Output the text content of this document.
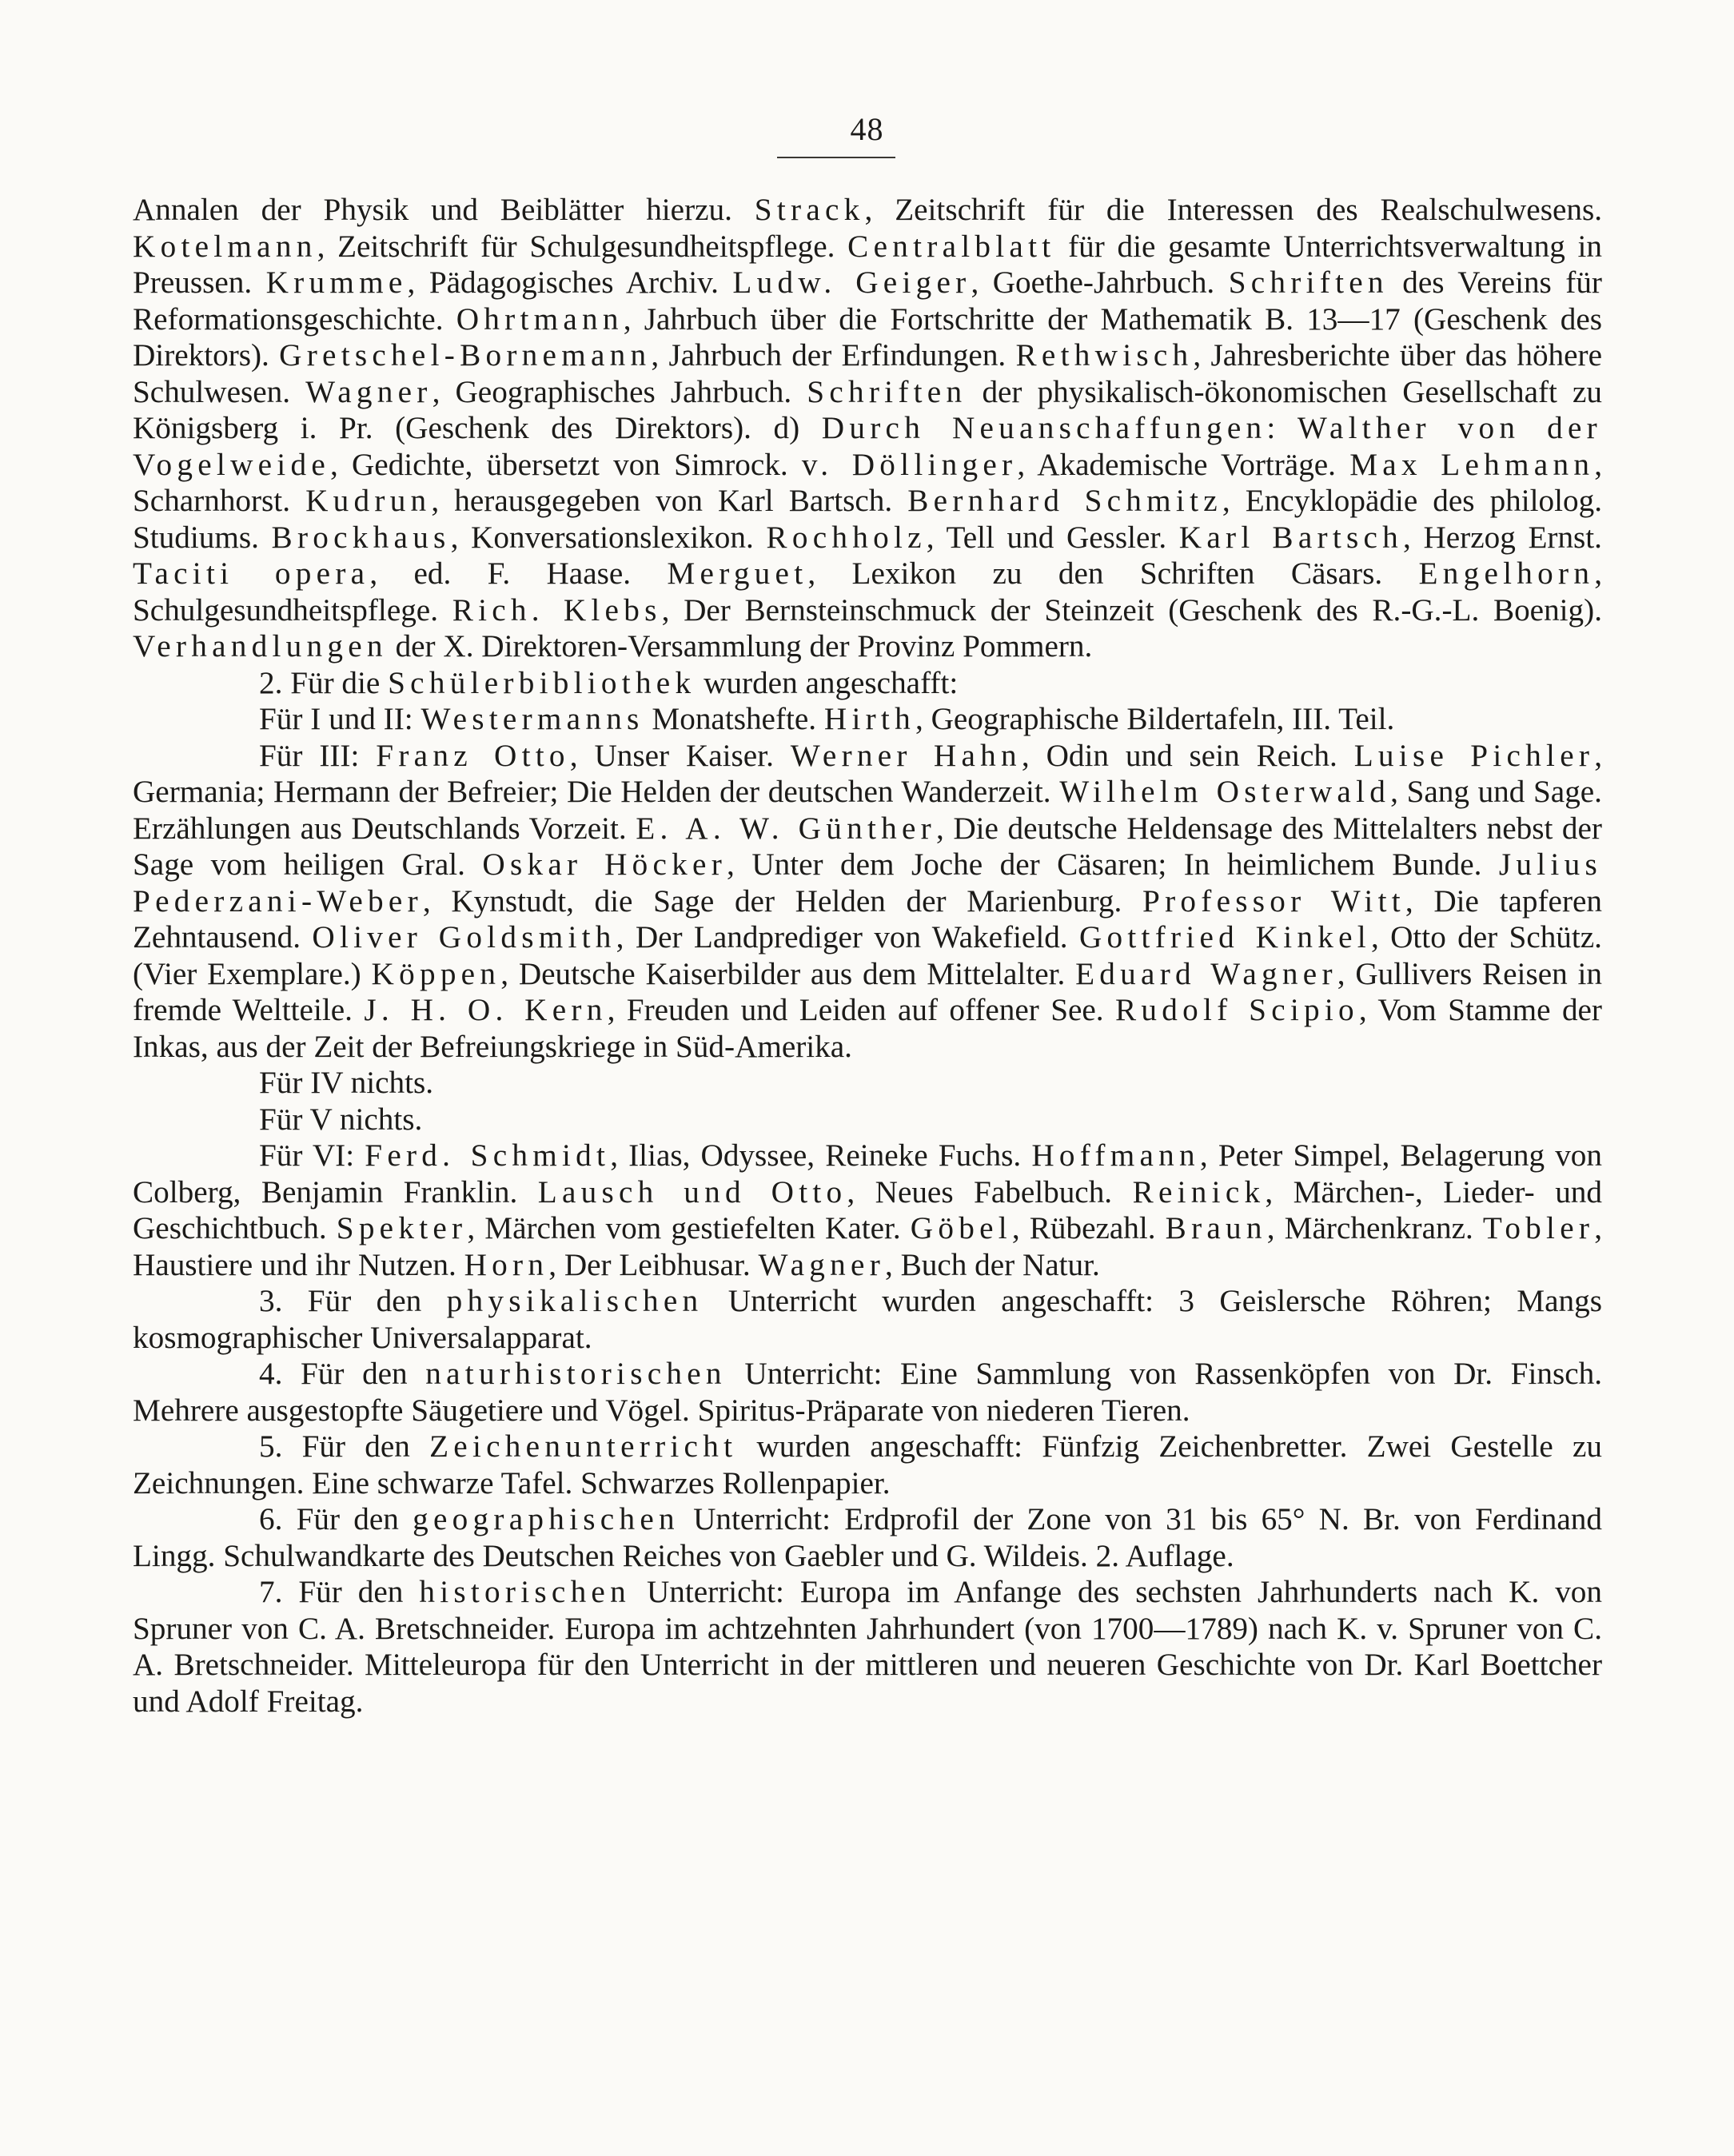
48

Annalen der Physik und Beiblätter hierzu. Strack, Zeitschrift für die Interessen des Realschulwesens. Kotelmann, Zeitschrift für Schulgesundheitspflege. Centralblatt für die gesamte Unterrichtsverwaltung in Preussen. Krumme, Pädagogisches Archiv. Ludw. Geiger, Goethe-Jahrbuch. Schriften des Vereins für Reformationsgeschichte. Ohrtmann, Jahrbuch über die Fortschritte der Mathematik B. 13—17 (Geschenk des Direktors). Gretschel-Bornemann, Jahrbuch der Erfindungen. Rethwisch, Jahresberichte über das höhere Schulwesen. Wagner, Geographisches Jahrbuch. Schriften der physikalisch-ökonomischen Gesellschaft zu Königsberg i. Pr. (Geschenk des Direktors). d) Durch Neuanschaffungen: Walther von der Vogelweide, Gedichte, übersetzt von Simrock. v. Döllinger, Akademische Vorträge. Max Lehmann, Scharnhorst. Kudrun, herausgegeben von Karl Bartsch. Bernhard Schmitz, Encyklopädie des philolog. Studiums. Brockhaus, Konversationslexikon. Rochholz, Tell und Gessler. Karl Bartsch, Herzog Ernst. Taciti opera, ed. F. Haase. Merguet, Lexikon zu den Schriften Cäsars. Engelhorn, Schulgesundheitspflege. Rich. Klebs, Der Bernsteinschmuck der Steinzeit (Geschenk des R.-G.-L. Boenig). Verhandlungen der X. Direktoren-Versammlung der Provinz Pommern.

2. Für die Schülerbibliothek wurden angeschafft:

Für I und II: Westermanns Monatshefte. Hirth, Geographische Bildertafeln, III. Teil.

Für III: Franz Otto, Unser Kaiser. Werner Hahn, Odin und sein Reich. Luise Pichler, Germania; Hermann der Befreier; Die Helden der deutschen Wanderzeit. Wilhelm Osterwald, Sang und Sage. Erzählungen aus Deutschlands Vorzeit. E. A. W. Günther, Die deutsche Heldensage des Mittelalters nebst der Sage vom heiligen Gral. Oskar Höcker, Unter dem Joche der Cäsaren; In heimlichem Bunde. Julius Pederzani-Weber, Kynstudt, die Sage der Helden der Marienburg. Professor Witt, Die tapferen Zehntausend. Oliver Goldsmith, Der Landprediger von Wakefield. Gottfried Kinkel, Otto der Schütz. (Vier Exemplare.) Köppen, Deutsche Kaiserbilder aus dem Mittelalter. Eduard Wagner, Gullivers Reisen in fremde Weltteile. J. H. O. Kern, Freuden und Leiden auf offener See. Rudolf Scipio, Vom Stamme der Inkas, aus der Zeit der Befreiungskriege in Süd-Amerika.

Für IV nichts.

Für V nichts.

Für VI: Ferd. Schmidt, Ilias, Odyssee, Reineke Fuchs. Hoffmann, Peter Simpel, Belagerung von Colberg, Benjamin Franklin. Lausch und Otto, Neues Fabelbuch. Reinick, Märchen-, Lieder- und Geschichtbuch. Spekter, Märchen vom gestiefelten Kater. Göbel, Rübezahl. Braun, Märchenkranz. Tobler, Haustiere und ihr Nutzen. Horn, Der Leibhusar. Wagner, Buch der Natur.

3. Für den physikalischen Unterricht wurden angeschafft: 3 Geislersche Röhren; Mangs kosmographischer Universalapparat.

4. Für den naturhistorischen Unterricht: Eine Sammlung von Rassenköpfen von Dr. Finsch. Mehrere ausgestopfte Säugetiere und Vögel. Spiritus-Präparate von niederen Tieren.

5. Für den Zeichenunterricht wurden angeschafft: Fünfzig Zeichenbretter. Zwei Gestelle zu Zeichnungen. Eine schwarze Tafel. Schwarzes Rollenpapier.

6. Für den geographischen Unterricht: Erdprofil der Zone von 31 bis 65° N. Br. von Ferdinand Lingg. Schulwandkarte des Deutschen Reiches von Gaebler und G. Wildeis. 2. Auflage.

7. Für den historischen Unterricht: Europa im Anfange des sechsten Jahrhunderts nach K. von Spruner von C. A. Bretschneider. Europa im achtzehnten Jahrhundert (von 1700—1789) nach K. v. Spruner von C. A. Bretschneider. Mitteleuropa für den Unterricht in der mittleren und neueren Geschichte von Dr. Karl Boettcher und Adolf Freitag.
